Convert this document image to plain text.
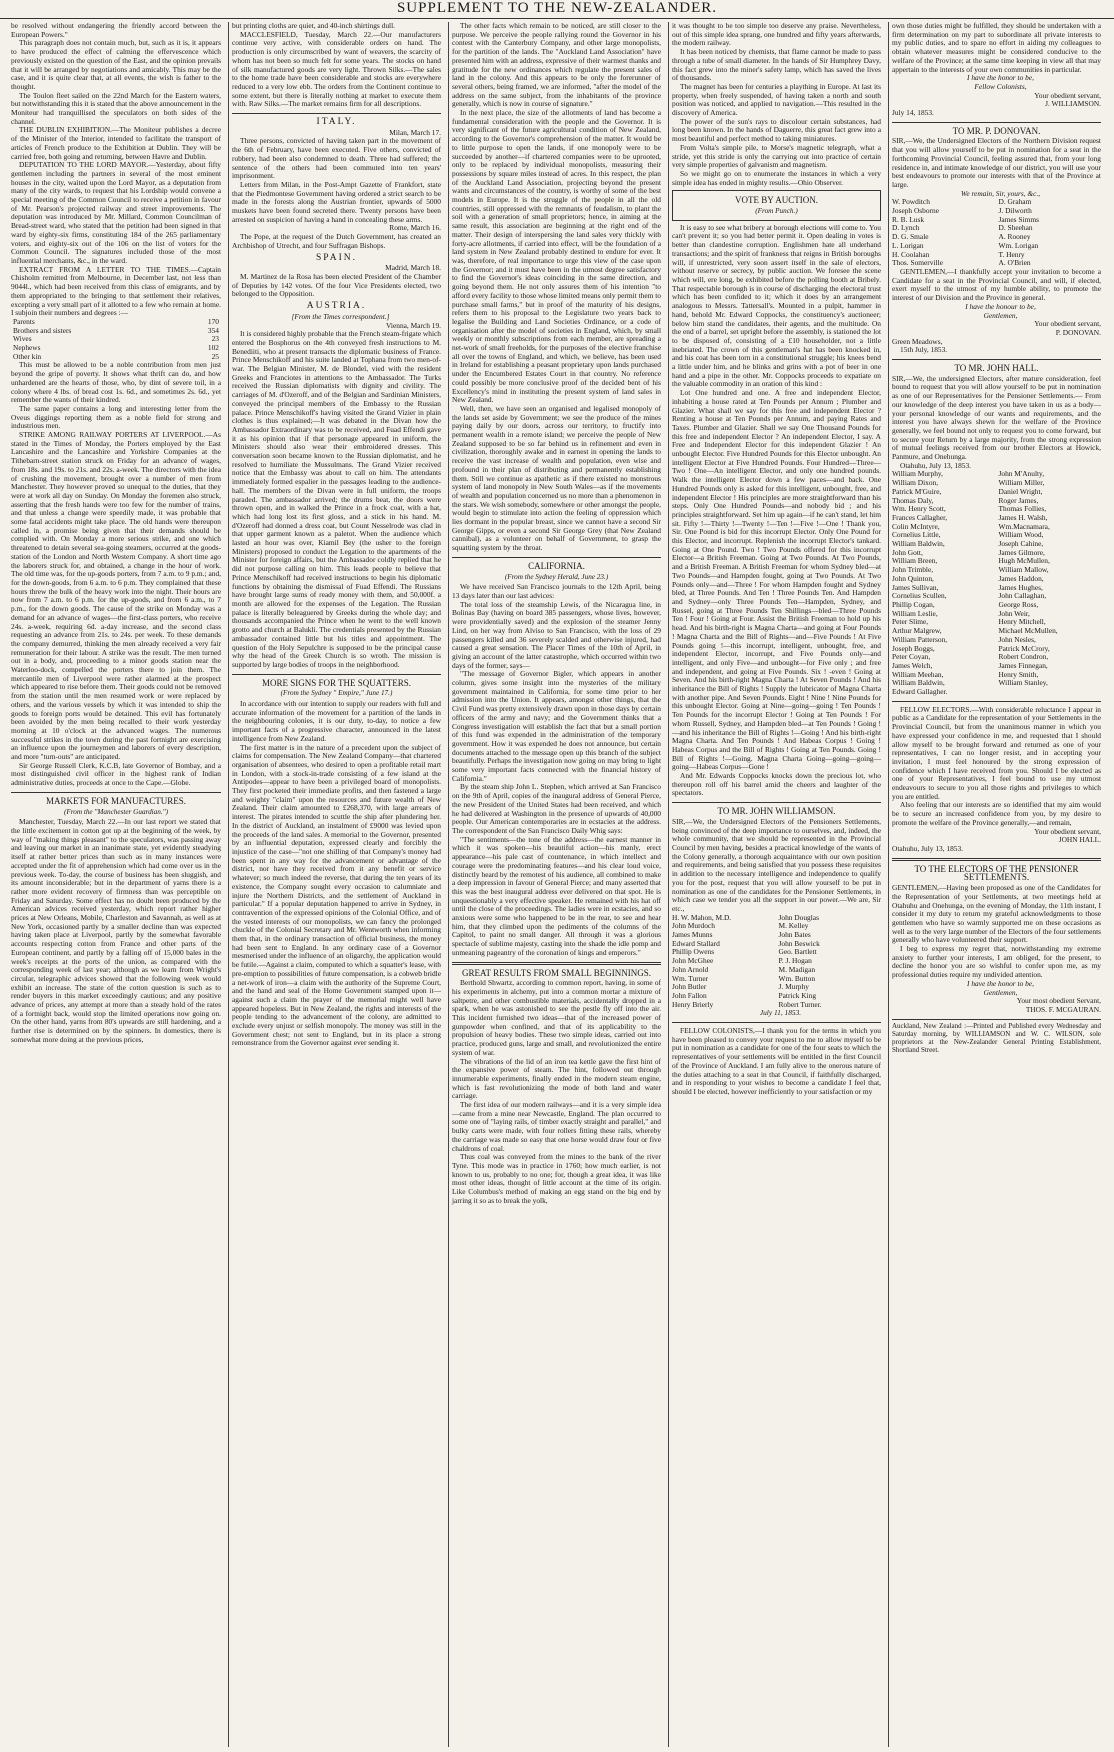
SUPPLEMENT TO THE NEW-ZEALANDER.

be resolved without endangering the friendly accord between the European Powers."

This paragraph does not contain much, but, such as it is, it appears to have produced the effect of calming the effervescence which previously existed on the question of the East, and the opinion prevails that it will be arranged by negotiations and amicably. This may be the case, and it is quite clear that, at all events, the wish is father to the thought.

The Toulon fleet sailed on the 22nd March for the Eastern waters, but notwithstanding this it is stated that the above announcement in the Moniteur had tranquillised the speculators on both sides of the channel.

THE DUBLIN EXHIBITION.—The Moniteur publishes a decree of the Minister of the Interior, intended to facilitate the transport of articles of French produce to the Exhibition at Dublin. They will be carried free, both going and returning, between Havre and Dublin.

DEPUTATION TO THE LORD MAYOR.—Yesterday, about fifty gentlemen including the partners in several of the most eminent houses in the city, waited upon the Lord Mayor, as a deputation from many of the city wards, to request that his Lordship would convene a special meeting of the Common Council to receive a petition in favour of Mr. Pearson's projected railway and street improvements. The deputation was introduced by Mr. Millard, Common Councilman of Bread-street ward, who stated that the petition had been signed in that ward by eighty-six firms, constituting 184 of the 265 parliamentary voters, and eighty-six out of the 106 on the list of voters for the Common Council. The signatures included those of the most influential merchants, &c., in the ward.

EXTRACT FROM A LETTER TO THE TIMES.—Captain Chisholm remitted from Melbourne, in December last, not less than 9044l., which had been received from this class of emigrants, and by them appropriated to the bringing to that settlement their relatives, excepting a very small part of it allotted to a few who remain at home. I subjoin their numbers and degrees :—

Parents	170
Brothers and sisters	354
Wives	23
Nephews	102
Other kin	25

This must be allowed to be a noble contribution from men just beyond the gripe of poverty. It shows what thrift can do, and how unhardened are the hearts of those, who, by dint of severe toil, in a colony where 4 lbs. of bread cost 1s. 6d., and sometimes 2s. 6d., yet remember the wants of their kindred.

The same paper contains a long and interesting letter from the Oveus diggings reporting them as a noble field for strong and industrious men.

STRIKE AMONG RAILWAY PORTERS AT LIVERPOOL.—As stated in the Times of Monday, the Porters employed by the East Lancashire and the Lancashire and Yorkshire Companies at the Tithebarn-street station struck on Friday for an advance of wages, from 18s. and 19s. to 21s. and 22s. a-week. The directors with the idea of crushing the movement, brought over a number of men from Manchester. They however proved so unequal to the duties, that they were at work all day on Sunday. On Monday the foremen also struck, asserting that the fresh hands were too few for the number of trains, and that unless a change were speedily made, it was probable that some fatal accidents might take place. The old hands were thereupon called in, a promise being given that their demands should be complied with. On Monday a more serious strike, and one which threatened to detain several sea-going steamers, occurred at the goods-station of the London and North Western Company. A short time ago the laborers struck for, and obtained, a change in the hour of work. The old time was, for the up-goods porters, from 7 a.m. to 9 p.m.; and, for the down-goods, from 6 a.m. to 6 p.m. They complained that these hours threw the bulk of the heavy work into the night. Their hours are now from 7 a.m. to 6 p.m. for the up-goods, and from 6 a.m., to 7 p.m., for the down goods. The cause of the strike on Monday was a demand for an advance of wages—the first-class porters, who receive 24s. a-week, requiring 6d. a-day increase, and the second class requesting an advance from 21s. to 24s. per week. To these demands the company demurred, thinking the men already received a very fair remuneration for their labour. A strike was the result. The men turned out in a body, and, proceeding to a minor goods station near the Waterloo-dock, compelled the porters there to join them. The mercantile men of Liverpool were rather alarmed at the prospect which appeared to rise before them. Their goods could not be removed from the station until the men resumed work or were replaced by others, and the various vessels by which it was intended to ship the goods to foreign ports would be detained. This evil has fortunately been avoided by the men being recalled to their work yesterday morning at 10 o'clock at the advanced wages. The numerous successful strikes in the town during the past fortnight are exercising an influence upon the journeymen and laborers of every description, and more "turn-outs" are anticipated.

Sir George Russell Clerk, K.C.B, late Governor of Bombay, and a most distinguished civil officer in the highest rank of Indian administrative duties, proceeds at once to the Cape.—Globe.

MARKETS FOR MANUFACTURES.
(From the "Manchester Guardian.")

Manchester, Tuesday, March 22.—In our last report we stated that the little excitement in cotton got up at the beginning of the week, by way of "making things pleasant" to the speculators, was passing away and leaving our market in an inanimate state, yet evidently steadying itself at rather better prices than such as in many instances were accepted under the fit of apprehension which had come over us in the previous week. To-day, the course of business has been sluggish, and its amount inconsiderable; but in the department of yarns there is a rather more evident recovery of firmness than was perceptible on Friday and Saturday. Some effect has no doubt been produced by the American advices received yesterday, which report rather higher prices at New Orleans, Mobile, Charleston and Savannah, as well as at New York, occasioned partly by a smaller decline than was expected having taken place at Liverpool, partly by the somewhat favorable accounts respecting cotton from France and other parts of the European continent, and partly by a falling off of 15,000 bales in the week's receipts at the ports of the union, as compared with the corresponding week of last year; although as we learn from Wright's circular, telegraphic advices showed that the following week would exhibit an increase. The state of the cotton question is such as to render buyers in this market exceedingly cautious; and any positive advance of prices, any attempt at more than a steady hold of the rates of a fortnight back, would stop the limited operations now going on. On the other hand, yarns from 80's upwards are still hardening, and a further rise is determined on by the spinners. In domestics, there is somewhat more doing at the previous prices,

but printing cloths are quiet, and 40-inch shirtings dull.

MACCLESFIELD, Tuesday, March 22.—Our manufacturers continue very active, with considerable orders on hand. The production is only circumscribed by want of weavers, the scarcity of whom has not been so much felt for some years. The stocks on hand of silk manufactured goods are very light. Thrown Silks.—The sales to the home trade have been considerable and stocks are everywhere reduced to a very low ebb. The orders from the Continent continue to some extent, but there is literally nothing at market to execute them with. Raw Silks.—The market remains firm for all descriptions.

ITALY.

Milan, March 17.

Three persons, convicted of having taken part in the movement of the 6th of February, have been executed. Five others, convicted of robbery, had been also condemned to death. Three had suffered; the sentence of the others had been commuted into ten years' imprisonment.

Letters from Milan, in the Post-Ampt Gazette of Frankfort, state that the Piedmontese Government having ordered a strict search to be made in the forests along the Austrian frontier, upwards of 5000 muskets have been found secreted there. Twenty persons have been arrested on suspicion of having a hand in concealing these arms.

Rome, March 16.

The Pope, at the request of the Dutch Government, has created an Archbishop of Utrecht, and four Suffragan Bishops.

SPAIN.

Madrid, March 18.

M. Martinez de la Rosa has been elected President of the Chamber of Deputies by 142 votes. Of the four Vice Presidents elected, two belonged to the Opposition.

AUSTRIA.

[From the Times correspondent.]

Vienna, March 19.

It is considered highly probable that the French steam-frigate which entered the Bosphorus on the 4th conveyed fresh instructions to M. Benediiti, who at present transacts the diplomatic business of France. Prince Menschikoff and his suite landed at Tophana from two men-of-war. The Belgian Minister, M. de Blondel, vied with the resident Greeks and Franciotes in attentions to the Ambassador. The Turks received the Russian diplomatists with dignity and civility. The carriages of M. d'Ozeroff, and of the Belgian and Sardinian Ministers, conveyed the principal members of the Embassy to the Russian palace. Prince Menschikoff's having visited the Grand Vizier in plain clothes is thus explained;—It was debated in the Divan how the Ambassador Extraordinary was to be received, and Fuad Effendi gave it as his opinion that if that personage appeared in uniform, the Ministers should also wear their embroidered dresses. This conversation soon became known to the Russian diplomatist, and he resolved to humiliate the Mussulmans. The Grand Vizier received notice that the Embassy was about to call on him. The attendants immediately formed espalier in the passages leading to the audience-hall. The members of the Divan were in full uniform, the troops paraded. The ambassador arrived; the drums beat, the doors were thrown open, and in walked the Prince in a frock coat, with a hat, which had long lost its first gloss, and a stick in his hand. M. d'Ozeroff had donned a dress coat, but Count Nesselrode was clad in that upper garment known as a paletot. When the audience which lasted an hour was over, Kiamil Bey (the usher to the foreign Ministers) proposed to conduct the Legation to the apartments of the Minister for foreign affairs, but the Ambassador coldly replied that he did not purpose calling on him. This leads people to believe that Prince Menschikoff had received instructions to begin his diplomatic functions by obtaining the dismissal of Fuad Effendi. The Russians have brought large sums of ready money with them, and 50,000f. a month are allowed for the expenses of the Legation. The Russian palace is literally beleaguered by Greeks during the whole day; and thousands accompanied the Prince when he went to the well known grotto and church at Balukli. The credentials presented by the Russian ambassador contained little but his titles and appointment. The question of the Holy Sepulchre is supposed to be the principal cause why the head of the Greek Church is so wroth. The mission is supported by large bodies of troops in the neighborhood.

MORE SIGNS FOR THE SQUATTERS.
(From the Sydney " Empire," June 17.)

In accordance with our intention to supply our readers with full and accurate information of the movement for a partition of the lands in the neighbouring colonies, it is our duty, to-day, to notice a few important facts of a progressive character, announced in the latest intelligence from New Zealand.

The first matter is in the nature of a precedent upon the subject of claims for compensation. The New Zealand Company—that chartered organisation of absentees, who desired to open a profitable retail mart in London, with a stock-in-trade consisting of a few island at the Antipodes—appear to have been a privileged board of monopolists. They first pocketed their immediate profits, and then fastened a large and weighty "claim" upon the resources and future wealth of New Zealand. Their claim amounted to £268,370, with large arrears of interest. The pirates intended to scuttle the ship after plundering her. In the district of Auckland, an instalment of £9000 was levied upon the proceeds of the land sales. A memorial to the Governor, presented by an influential deputation, expressed clearly and forcibly the injustice of the case—"not one shilling of that Company's money had been spent in any way for the advancement or advantage of the district, nor have they received from it any benefit or service whatever; so much indeed the reverse, that during the ten years of its existence, the Company sought every occasion to calumniate and injure the Northern Districts, and the settlement of Auckland in particular." If a popular deputation happened to arrive in Sydney, in contravention of the expressed opinions of the Colonial Office, and of the vested interests of our monopolists, we can fancy the prolonged chuckle of the Colonial Secretary and Mr. Wentworth when informing them that, in the ordinary transaction of official business, the money had been sent to England. In any ordinary case of a Governor mesmerised under the influence of an oligarchy, the application would be futile.—Against a claim, computed to which a squatter's lease, with pre-emption to possibilities of future compensation, is a cobweb bridle a net-work of iron—a claim with the authority of the Supreme Court, and the hand and seal of the Home Government stamped upon it—against such a claim the prayer of the memorial might well have appeared hopeless. But in New Zealand, the rights and interests of the people tending to the advancement of the colony, are admitted to exclude every unjust or selfish monopoly. The money was still in the Government chest; not sent to England, but in its place a strong remonstrance from the Governor against ever sending it.

The other facts which remain to be noticed, are still closer to the purpose. We perceive the people rallying round the Governor in his contest with the Canterbury Company, and other large monopolists, for the partition of the lands. The "Auckland Land Association" have presented him with an address, expressive of their warmest thanks and gratitude for the new ordinances which regulate the present sales of land in the colony. And this appears to be only the forerunner of several others, being framed, we are informed, "after the model of the address on the same subject, from the inhabitants of the province generally, which is now in course of signature."

In the next place, the size of the allotments of land has become a fundamental consideration with the people and the Governor. It is very significant of the future agricultural condition of New Zealand, according to the Governor's comprehension of the matter. It would be to little purpose to open the lands, if one monopoly were to be succeeded by another—if chartered companies were to be uprooted, only to be replaced by individual monopolists, measuring their possessions by square miles instead of acres. In this respect, the plan of the Auckland Land Association, projecting beyond the present wants and circumstances of the country, is worthy of some of the best models in Europe. It is the struggle of the people in all the old countries, still oppressed with the remnants of feudalism, to plant the soil with a generation of small proprietors; hence, in aiming at the same result, this association are beginning at the right end of the matter. Their design of interspersing the land sales very thickly with forty-acre allotments, if carried into effect, will be the foundation of a land system in New Zealand probably destined to endure for ever. It was, therefore, of real importance to urge this view of the case upon the Governor; and it must have been in the utmost degree satisfactory to find the Governor's ideas coinciding in the same direction, and going beyond them. He not only assures them of his intention "to afford every facility to those whose limited means only permit them to purchase small farms," but in proof of the maturity of his designs, refers them to his proposal to the Legislature two years back to legalise the Building and Land Societies Ordinance, or a code of organisation after the model of societies in England, which, by small weekly or monthly subscriptions from each member, are spreading a net-work of small freeholds, for the purposes of the elective franchise all over the towns of England, and which, we believe, has been used in Ireland for establishing a peasant proprietary upon lands purchased under the Encumbered Estates Court in that country. No reference could possibly be more conclusive proof of the decided bent of his Excellency's mind in instituting the present system of land sales in New Zealand.

Well, then, we have seen an organised and legalised monopoly of the lands set aside by Government; we see the produce of the mines paying daily by our doors, across our territory, to fructify into permanent wealth in a remote island; we perceive the people of New Zealand supposed to be so far behind us in refinement and even in civilization, thoroughly awake and in earnest in opening the lands to receive the vast increase of wealth and population, even wise and profound in their plan of distributing and permanently establishing them. Still we continue as apathetic as if there existed no monstrous system of land monopoly in New South Wales—as if the movements of wealth and population concerned us no more than a phenomenon in the stars. We wish somebody, somewhere or other amongst the people, would begin to stimulate into action the feeling of oppression which lies dormant in the popular breast, since we cannot have a second Sir George Gipps, or even a second Sir George Grey (that New Zealand cannibal), as a volunteer on behalf of Government, to grasp the squatting system by the throat.

CALIFORNIA.
(From the Sydney Herald, June 23.)

We have received San Francisco journals to the 12th April, being 13 days later than our last advices:

The total loss of the steamship Lewis, of the Nicaragua line, in Bolinas Bay (having on board 385 passengers, whose lives, however, were providentially saved) and the explosion of the steamer Jenny Lind, on her way from Alviso to San Francisco, with the loss of 29 passengers killed and 36 severely scalded and otherwise injured, had caused a great sensation. The Placer Times of the 10th of April, in giving an account of the latter catastrophe, which occurred within two days of the former, says—

"The message of Governor Bigler, which appears in another column, gives some insight into the mysteries of the military government maintained in California, for some time prior to her admission into the Union. It appears, amongst other things, that the Civil Fund was pretty extensively drawn upon in those days by certain officers of the army and navy; and the Government thinks that a Congress investigation will establish the fact that but a small portion of this fund was expended in the administration of the temporary government. How it was expended he does not announce, but certain documents attached to the message open up this branch of the subject beautifully. Perhaps the investigation now going on may bring to light some very important facts connected with the financial history of California."

By the steam ship John L. Stephen, which arrived at San Francisco on the 9th of April, copies of the inaugural address of General Pierce, the new President of the United States had been received, and which he had delivered at Washington in the presence of upwards of 40,000 people. Our American contemporaries are in ecstacies at the address. The correspondent of the San Francisco Daily Whig says:

"The sentiments—the tone of the address—the earnest manner in which it was spoken—his beautiful action—his manly, erect appearance—his pale cast of countenance, in which intellect and courage were the predominating features—and his clear loud voice, distinctly heard by the remotest of his audience, all combined to make a deep impression in favour of General Pierce; and many asserted that this was the best inaugural address ever delivered on that spot. He is unquestionably a very effective speaker. He remained with his hat off until the close of the proceedings. The ladies were in ecstacies, and so anxious were some who happened to be in the rear, to see and hear him, that they climbed upon the pediments of the columns of the Capitol, to paint no small danger. All through it was a glorious spectacle of sublime majesty, casting into the shade the idle pomp and unmeaning pageantry of the coronation of kings and emperors."

GREAT RESULTS FROM SMALL BEGINNINGS.

Berthold Shwartz, according to common report, having, in some of his experiments in alchemy, put into a common mortar a mixture of saltpetre, and other combustible materials, accidentally dropped in a spark, when he was astonished to see the pestle fly off into the air. This incident furnished two ideas—that of the increased power of gunpowder when confined, and that of its applicability to the propulsion of heavy bodies. These two simple ideas, carried out into practice, produced guns, large and small, and revolutionized the entire system of war.

The vibrations of the lid of an iron tea kettle gave the first hint of the expansive power of steam. The hint, followed out through innumerable experiments, finally ended in the modern steam engine, which is fast revolutionizing the mode of both land and water carriage.

The first idea of our modern railways—and it is a very simple idea—came from a mine near Newcastle, England. The plan occurred to some one of "laying rails, of timber exactly straight and parallel," and bulky carts were made, with four rollers fitting these rails, whereby the carriage was made so easy that one horse would draw four or five chaldrons of coal.

Thus coal was conveyed from the mines to the bank of the river Tyne. This mode was in practice in 1760; how much earlier, is not known to us, probably to no one; for, though a great idea, it was like most other ideas, thought of little account at the time of its origin. Like Columbus's method of making an egg stand on the big end by jarring it so as to break the yolk,

it was thought to be too simple too deserve any praise. Nevertheless, out of this simple idea sprang, one hundred and fifty years afterwards, the modern railway.

It has been noticed by chemists, that flame cannot be made to pass through a tube of small diameter. In the hands of Sir Humphrey Davy, this fact grew into the miner's safety lamp, which has saved the lives of thousands.

The magnet has been for centuries a plaything in Europe. At last its property, when freely suspended, of having taken a north and south position was noticed, and applied to navigation.—This resulted in the discovery of America.

The power of the sun's rays to discolour certain substances, had long been known. In the hands of Daguerre, this great fact grew into a most beautiful and perfect method to taking miniatures.

From Volta's simple pile, to Morse's magnetic telegraph, what a stride, yet this stride is only the carrying out into practice of certain very simple properties of galvanism and magnetism.

So we might go on to enumerate the instances in which a very simple idea has ended in mighty results.—Ohio Observer.

VOTE BY AUCTION.
(From Punch.)

It is easy to see what bribery at borough elections will come to. You can't prevent it; so you had better permit it. Open dealing in votes is better than clandestine corruption. Englishmen hate all underhand transactions; and the spirit of frankness that reigns in British boroughs will, if unrestricted, very soon assert itself in the sale of electors, without reserve or secrecy, by public auction. We foresee the scene which will, ere long, be exhibited before the polling booth at Bribely. That respectable borough is in course of discharging the electoral trust which has been confided to it; which it does by an arrangement analogous to Messrs. Tattersall's. Mounted in a pulpit, hammer in hand, behold Mr. Edward Coppocks, the constituency's auctioneer; below him stand the candidates, their agents, and the multitude. On the end of a barrel, set upright before the assembly, is stationed the lot to be disposed of, consisting of a £10 householder, not a little inebriated. The crown of this gentleman's hat has been knocked in, and his coat has been torn in a constitutional struggle; his knees bend a little under him, and he blinks and grins with a pot of beer in one hand and a pipe in the other. Mr. Coppocks proceeds to expatiate on the valuable commodity in an oration of this kind :

Lot One hundred and one. A free and independent Elector, inhabiting a house rated at Ten Pounds per Annum ; Plumber and Glazier. What shall we say for this free and independent Elector ? Renting a house at Ten Pounds per Annum, and paying Rates and Taxes. Plumber and Glazier. Shall we say One Thousand Pounds for this free and independent Elector ? An independent Elector, I say. A Free and Independent Elector for this independent Glazier ! An unbought Elector. Five Hundred Pounds for this Elector unbought. An intelligent Elector at Five Hundred Pounds. Four Hundred—Three—Two ! One—An intelligent Elector, and only one hundred pounds. Walk the intelligent Elector down a few paces—and back. One Hundred Pounds only is asked for this intelligent, unbought, free, and independent Elector ! His principles are more straightforward than his steps. Only One Hundred Pounds—and nobody bid ; and his principles straightforward. Set him up again—if he can't stand, let him sit. Fifty !—Thirty !—Twenty !—Ten !—Five !—One ! Thank you, Sir. One Pound is bid for this incorrupt Elector. Only One Pound for this Elector, and incorrupt. Replenish the incorrupt Elector's tankard. Going at One Pound. Two ! Two Pounds offered for this incorrupt Elector—a British Freeman. Going at Two Pounds. At Two Pounds, and a British Freeman. A British Freeman for whom Sydney bled—at Two Pounds—and Hampden fought, going at Two Pounds. At Two Pounds only—and—Three ! For whom Hampden fought and Sydney bled, at Three Pounds. And Ten ! Three Pounds Ten. And Hampden and Sydney—only Three Pounds Ten—Hampden, Sydney, and Russel, going at Three Pounds Ten Shillings—bled—Three Pounds Ten ! Four ! Going at Four. Assist the British Freeman to hold up his head. And his birth-right is Magna Charta—and going at Four Pounds ! Magna Charta and the Bill of Rights—and—Five Pounds ! At Five Pounds going !—this incorrupt, intelligent, unbought, free, and independent Elector, incorrupt, and Five Pounds only—and intelligent, and only Five—and unbought—for Five only ; and free and independent, and going at Five Pounds. Six ! ‑even ! Going at Seven. And his birth-right Magna Charta ! At Seven Pounds ! And his inheritance the Bill of Rights ! Supply the lubricator of Magna Charta with another pipe. And Seven Pounds. Eight ! Nine ! Nine Pounds for this unbought Elector. Going at Nine—going—going ! Ten Pounds ! Ten Pounds for the incorrupt Elector ! Going at Ten Pounds ! For whom Russell, Sydney, and Hampden bled—at Ten Pounds ! Going !—and his inheritance the Bill of Rights !—Going ! And his birth-right Magna Charta. And Ten Pounds ! And Habeas Corpus ! Going ! Habeas Corpus and the Bill of Rights ! Going at Ten Pounds. Going ! Bill of Rights !—Going. Magna Charta Going—going—going—going—Habeas Corpus—Gone !

And Mr. Edwards Coppocks knocks down the precious lot, who thereupon roll off his barrel amid the cheers and laughter of the spectators.

TO MR. JOHN WILLIAMSON.

SIR,—We, the Undersigned Electors of the Pensioners Settlements, being convinced of the deep importance to ourselves, and, indeed, the whole community, that we should be represented in the Provincial Council by men having, besides a practical knowledge of the wants of the Colony generally, a thorough acquaintance with our own position and requirements, and being satisfied that you possess these requisites in addition to the necessary intelligence and independence to qualify you for the post, request that you will allow yourself to be put in nomination as one of the candidates for the Pensioner Settlements, in which case we tender you all the support in our power.—We are, Sir etc.,

H. W. Mahon, M.D.	John Douglas
John Murdoch	M. Kelley
James Munns	John Bates
Edward Stallard	John Beswick
Phillip Owens	Geo. Bartlett
John McGhee	P. J. Hogan
John Arnold	M. Madigan
Wm. Turner	Wm. Button
John Butler	J. Murphy
John Fallon	Patrick King
Henry Brierly	Robert Turner.

July 11, 1853.

FELLOW COLONISTS,—I thank you for the terms in which you have been pleased to convey your request to me to allow myself to be put in nomination as a candidate for one of the four seats to which the representatives of your settlements will be entitled in the first Council of the Province of Auckland. I am fully alive to the onerous nature of the duties attaching to a seat in that Council, if faithfully discharged, and in responding to your wishes to become a candidate I feel that, should I be elected, however inefficiently to your satisfaction or my

own those duties might be fulfilled, they should be undertaken with a firm determination on my part to subordinate all private interests to my public duties, and to spare no effort in aiding my colleagues to obtain whatever measures might be considered conducive to the welfare of the Province; at the same time keeping in view all that may appertain to the interests of your own communities in particular.

I have the honor to be,

Fellow Colonists,

Your obedient servant,

J. WILLIAMSON.

July 14, 1853.

TO MR. P. DONOVAN.

SIR,—We, the Undersigned Electors of the Northern Division request that you will allow yourself to be put in nomination for a seat in the forthcoming Provincial Council, feeling assured that, from your long residence in, and intimate knowledge of our district, you will use your best endeavours to promote our interests with that of the Province at large.

We remain, Sir, yours, &c.,

W. Powditch	D. Graham
Joseph Osborne	J. Dilworth
R. B. Lusk	James Simms
D. Lynch	D. Sheehan
D. G. Smale	A. Rooney
L. Lorigan	Wm. Lorigan
H. Coolahan	T. Henry
Thos. Somerville	A. O'Brien

GENTLEMEN,—I thankfully accept your invitation to become a Candidate for a seat in the Provincial Council, and will, if elected, exert myself to the utmost of my humble ability, to promote the interest of our Division and the Province in general.

I have the honour to be,

Gentlemen,

Your obedient servant,

P. DONOVAN.

Green Meadows,

15th July, 1853.

TO MR. JOHN HALL.

SIR,—We, the undersigned Electors, after mature consideration, feel bound to request that you will allow yourself to be put in nomination as one of our Representatives for the Pensioner Settlements.— From our knowledge of the deep interest you have taken in us as a body—your personal knowledge of our wants and requirements, and the interest you have always shewn for the welfare of the Province generally, we feel bound not only to request you to come forward, but to secure your Return by a large majority, from the strong expression of mutual feelings received from our brother Electors at Howick, Panmure, and Onehunga.

Otahuhu, July 13, 1853.

William Murphy,	John M'Anulty,
William Dixon,	William Miller,
Patrick M'Guire,	Daniel Wright,
Thomas Daly,	Roger James,
Wm. Henry Scott,	Thomas Follies,
Frances Callagher,	James H. Walsh,
Colin McIntyre,	Wm.Macnamara,
Cornelius Little,	William Wood,
William Baldwin,	Joseph Cahine,
John Gott,	James Gilmore,
William Breen,	Hugh McMullen,
John Trimble,	William Mallow,
John Quinton,	James Haddon,
James Sullivan,	James Hughes,
Cornelius Scullen,	John Callaghan,
Phillip Cogan,	George Ross,
William Leslie,	John Weir,
Peter Slime,	Henry Mitchell,
Arthur Malgrew,	Michael McMullen,
William Patterson,	John Nesles,
Joseph Boggs,	Patrick McCrory,
Peter Coyan,	Robert Condron,
James Welch,	James Finnegan,
William Meehan,	Henry Smith,
William Baldwin,	William Stanley,
Edward Gallagher.

FELLOW ELECTORS.—With considerable reluctance I appear in public as a Candidate for the representation of your Settlements in the Provincial Council, but from the unanimous manner in which you have expressed your confidence in me, and requested that I should allow myself to be brought forward and returned as one of your representatives, I can no longer resist, and in accepting your invitation, I must feel honoured by the strong expression of confidence which I have received from you. Should I be elected as one of your Representatives, I feel bound to use my utmost endeavours to secure to you all those rights and privileges to which you are entitled.

Also feeling that our interests are so identified that my aim would be to secure an increased confidence from you, by my desire to promote the welfare of the Province generally,—and remain,

Your obedient servant,

JOHN HALL.

Otahuhu, July 13, 1853.

TO THE ELECTORS OF THE PENSIONER SETTLEMENTS.

GENTLEMEN,—Having been proposed as one of the Candidates for the Representation of your Settlements, at two meetings held at Otahuhu and Onehunga, on the evening of Monday, the 11th instant, I consider it my duty to return my grateful acknowledgments to those gentlemen who have so warmly supported me on these occasions as well as to the very large number of the Electors of the four settlements generally who have volunteered their support.

I beg to express my regret that, notwithstanding my extreme anxiety to further your interests, I am obliged, for the present, to decline the honor you are so wishful to confer upon me, as my professional duties require my undivided attention.

I have the honor to be,

Gentlemen,

Your most obedient Servant,

THOS. F. MCGAURAN.

Auckland, New Zealand :—Printed and Published every Wednesday and Saturday morning, by WILLIAMSON and W. C. WILSON, sole proprietors at the New-Zealander General Printing Establishment, Shortland Street.
